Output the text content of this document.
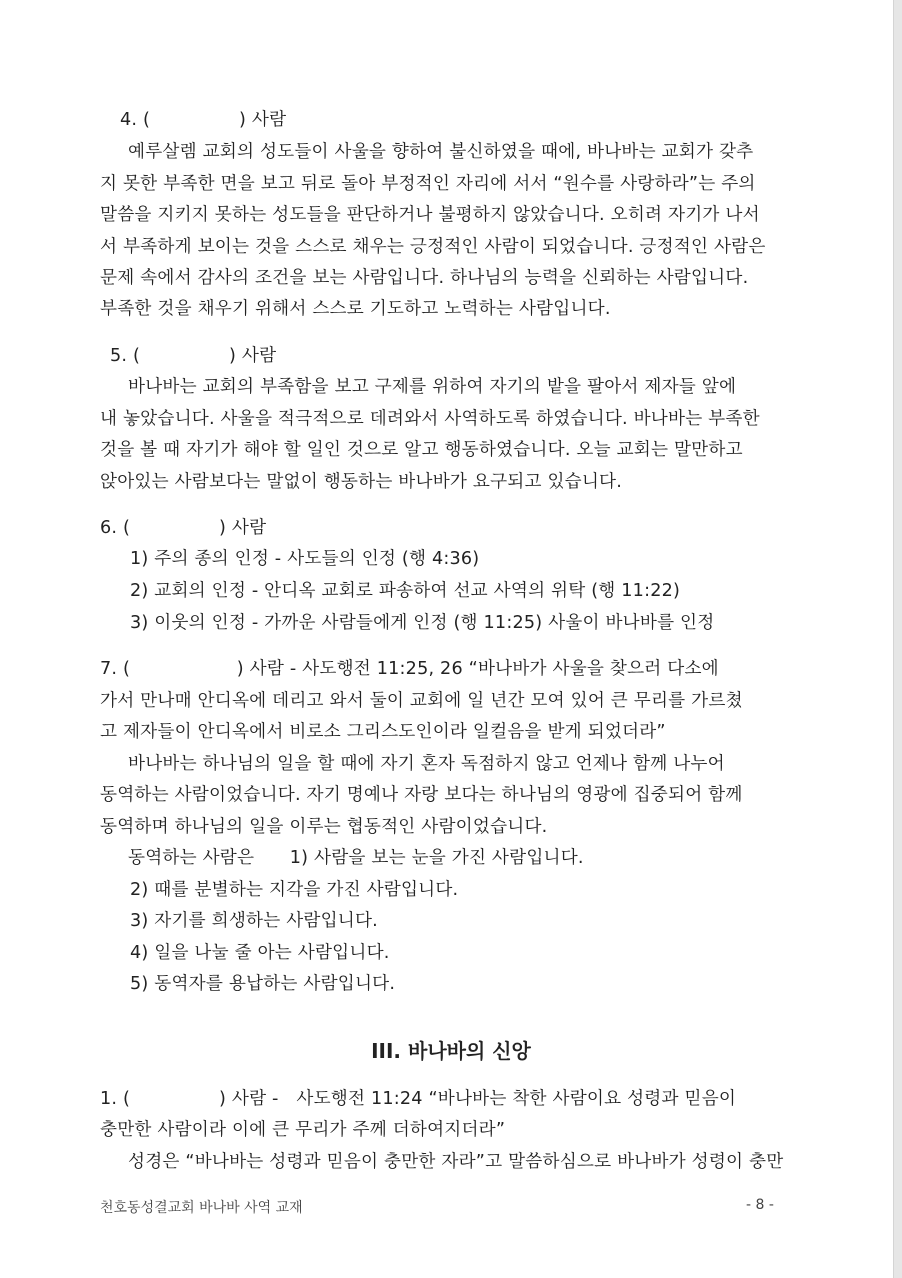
4. (　　　　　) 사람
예루살렘 교회의 성도들이 사울을 향하여 불신하였을 때에, 바나바는 교회가 갖추
지 못한 부족한 면을 보고 뒤로 돌아 부정적인 자리에 서서 “원수를 사랑하라”는 주의
말씀을 지키지 못하는 성도들을 판단하거나 불평하지 않았습니다. 오히려 자기가 나서
서 부족하게 보이는 것을 스스로 채우는 긍정적인 사람이 되었습니다. 긍정적인 사람은
문제 속에서 감사의 조건을 보는 사람입니다. 하나님의 능력을 신뢰하는 사람입니다.
부족한 것을 채우기 위해서 스스로 기도하고 노력하는 사람입니다.
5. (　　　　　) 사람
바나바는 교회의 부족함을 보고 구제를 위하여 자기의 밭을 팔아서 제자들 앞에
내 놓았습니다. 사울을 적극적으로 데려와서 사역하도록 하였습니다. 바나바는 부족한
것을 볼 때 자기가 해야 할 일인 것으로 알고 행동하였습니다. 오늘 교회는 말만하고
앉아있는 사람보다는 말없이 행동하는 바나바가 요구되고 있습니다.
6. (　　　　　) 사람
1) 주의 종의 인정 - 사도들의 인정 (행 4:36)
2) 교회의 인정 - 안디옥 교회로 파송하여 선교 사역의 위탁 (행 11:22)
3) 이웃의 인정 - 가까운 사람들에게 인정 (행 11:25) 사울이 바나바를 인정
7. (　　　　　　) 사람 - 사도행전 11:25, 26 “바나바가 사울을 찾으러 다소에
가서 만나매 안디옥에 데리고 와서 둘이 교회에 일 년간 모여 있어 큰 무리를 가르쳤
고 제자들이 안디옥에서 비로소 그리스도인이라 일컬음을 받게 되었더라”
바나바는 하나님의 일을 할 때에 자기 혼자 독점하지 않고 언제나 함께 나누어
동역하는 사람이었습니다. 자기 명예나 자랑 보다는 하나님의 영광에 집중되어 함께
동역하며 하나님의 일을 이루는 협동적인 사람이었습니다.
동역하는 사람은　　1) 사람을 보는 눈을 가진 사람입니다.
2) 때를 분별하는 지각을 가진 사람입니다.
3) 자기를 희생하는 사람입니다.
4) 일을 나눌 줄 아는 사람입니다.
5) 동역자를 용납하는 사람입니다.
III. 바나바의 신앙
1. (　　　　　) 사람 -　사도행전 11:24 “바나바는 착한 사람이요 성령과 믿음이
충만한 사람이라 이에 큰 무리가 주께 더하여지더라”
성경은 “바나바는 성령과 믿음이 충만한 자라”고 말씀하심으로 바나바가 성령이 충만
천호동성결교회 바나바 사역 교재	- 8 -
